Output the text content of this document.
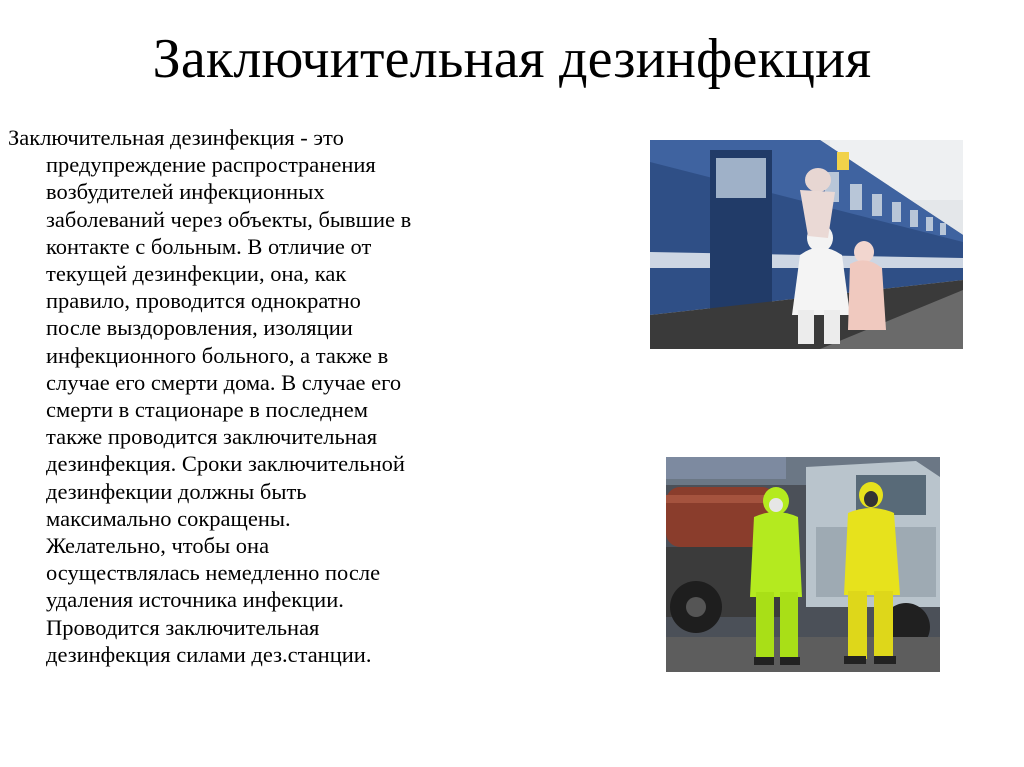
Заключительная дезинфекция
Заключительная дезинфекция - это
предупреждение распространения
возбудителей инфекционных
заболеваний через объекты, бывшие в
контакте с больным. В отличие от
текущей дезинфекции, она, как
правило, проводится однократно
после выздоровления, изоляции
инфекционного больного, а также в
случае его смерти дома. В случае его
смерти в стационаре в последнем
также проводится заключительная
дезинфекция. Сроки заключительной
дезинфекции должны быть
максимально сокращены.
Желательно, чтобы она
осуществлялась немедленно после
удаления источника инфекции.
Проводится заключительная
дезинфекция силами дез.станции.
